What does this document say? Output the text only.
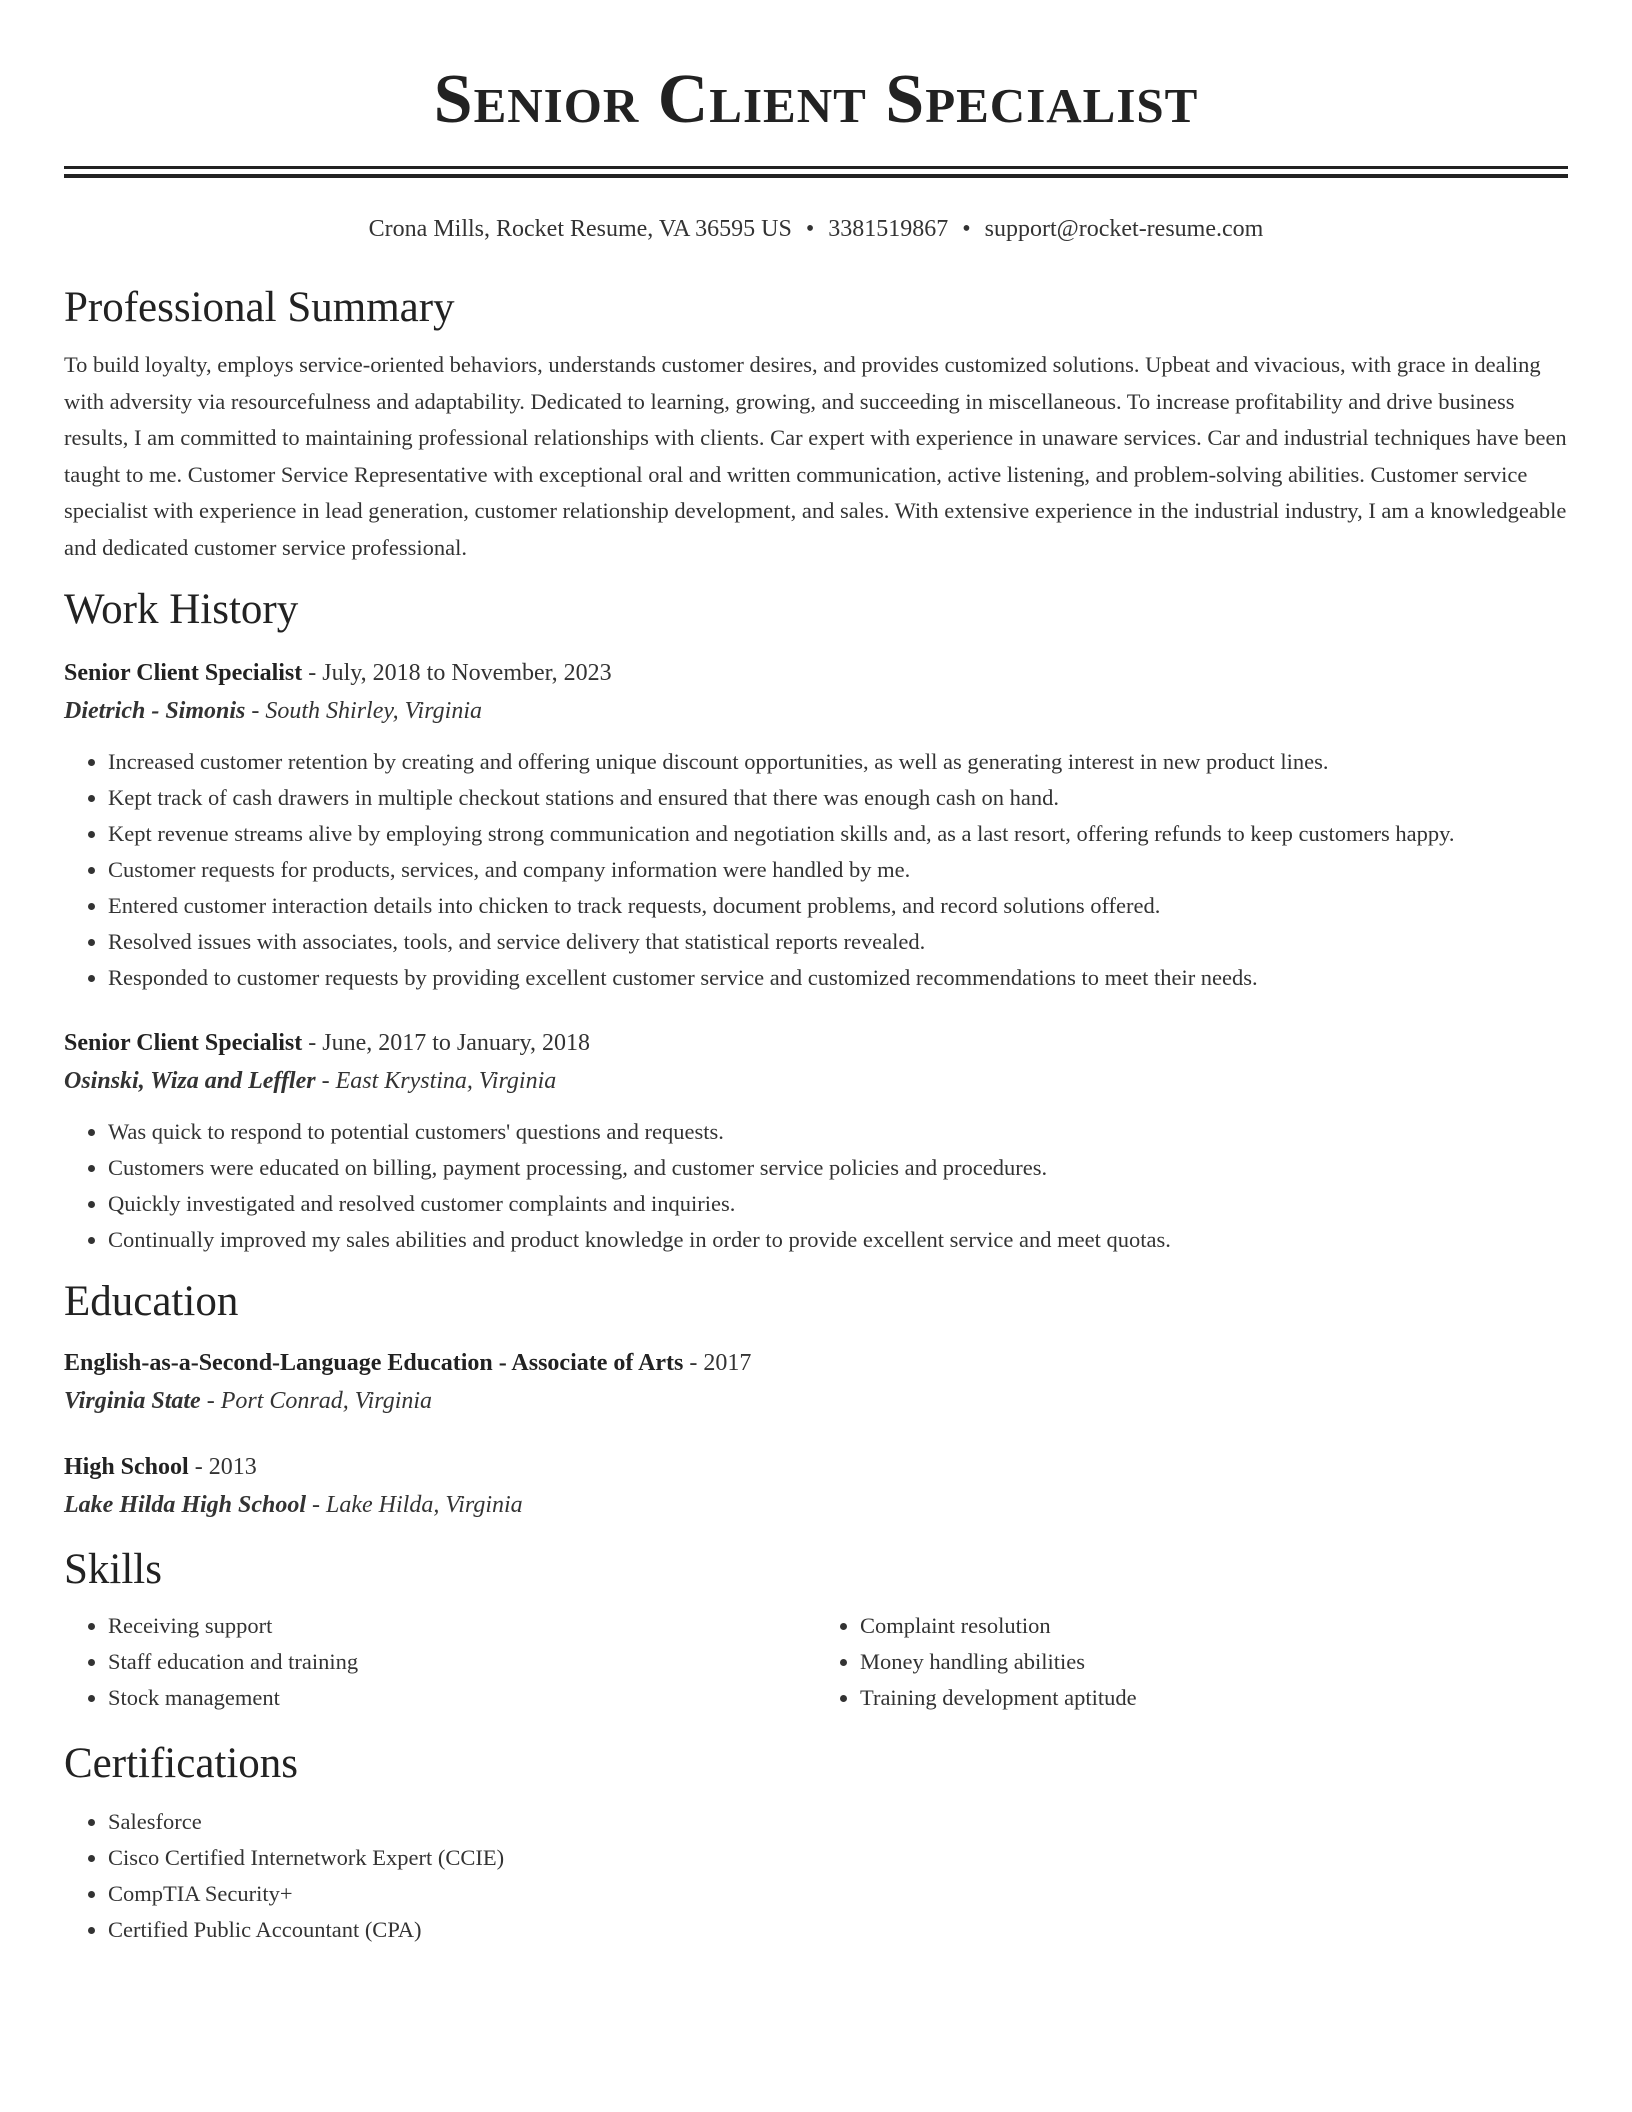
Senior Client Specialist
Crona Mills, Rocket Resume, VA 36595 US • 3381519867 • support@rocket-resume.com
Professional Summary
To build loyalty, employs service-oriented behaviors, understands customer desires, and provides customized solutions. Upbeat and vivacious, with grace in dealing with adversity via resourcefulness and adaptability. Dedicated to learning, growing, and succeeding in miscellaneous. To increase profitability and drive business results, I am committed to maintaining professional relationships with clients. Car expert with experience in unaware services. Car and industrial techniques have been taught to me. Customer Service Representative with exceptional oral and written communication, active listening, and problem-solving abilities. Customer service specialist with experience in lead generation, customer relationship development, and sales. With extensive experience in the industrial industry, I am a knowledgeable and dedicated customer service professional.
Work History
Senior Client Specialist - July, 2018 to November, 2023
Dietrich - Simonis - South Shirley, Virginia
• Increased customer retention by creating and offering unique discount opportunities, as well as generating interest in new product lines.
• Kept track of cash drawers in multiple checkout stations and ensured that there was enough cash on hand.
• Kept revenue streams alive by employing strong communication and negotiation skills and, as a last resort, offering refunds to keep customers happy.
• Customer requests for products, services, and company information were handled by me.
• Entered customer interaction details into chicken to track requests, document problems, and record solutions offered.
• Resolved issues with associates, tools, and service delivery that statistical reports revealed.
• Responded to customer requests by providing excellent customer service and customized recommendations to meet their needs.
Senior Client Specialist - June, 2017 to January, 2018
Osinski, Wiza and Leffler - East Krystina, Virginia
• Was quick to respond to potential customers' questions and requests.
• Customers were educated on billing, payment processing, and customer service policies and procedures.
• Quickly investigated and resolved customer complaints and inquiries.
• Continually improved my sales abilities and product knowledge in order to provide excellent service and meet quotas.
Education
English-as-a-Second-Language Education - Associate of Arts - 2017
Virginia State - Port Conrad, Virginia
High School - 2013
Lake Hilda High School - Lake Hilda, Virginia
Skills
• Receiving support
• Staff education and training
• Stock management
• Complaint resolution
• Money handling abilities
• Training development aptitude
Certifications
• Salesforce
• Cisco Certified Internetwork Expert (CCIE)
• CompTIA Security+
• Certified Public Accountant (CPA)
